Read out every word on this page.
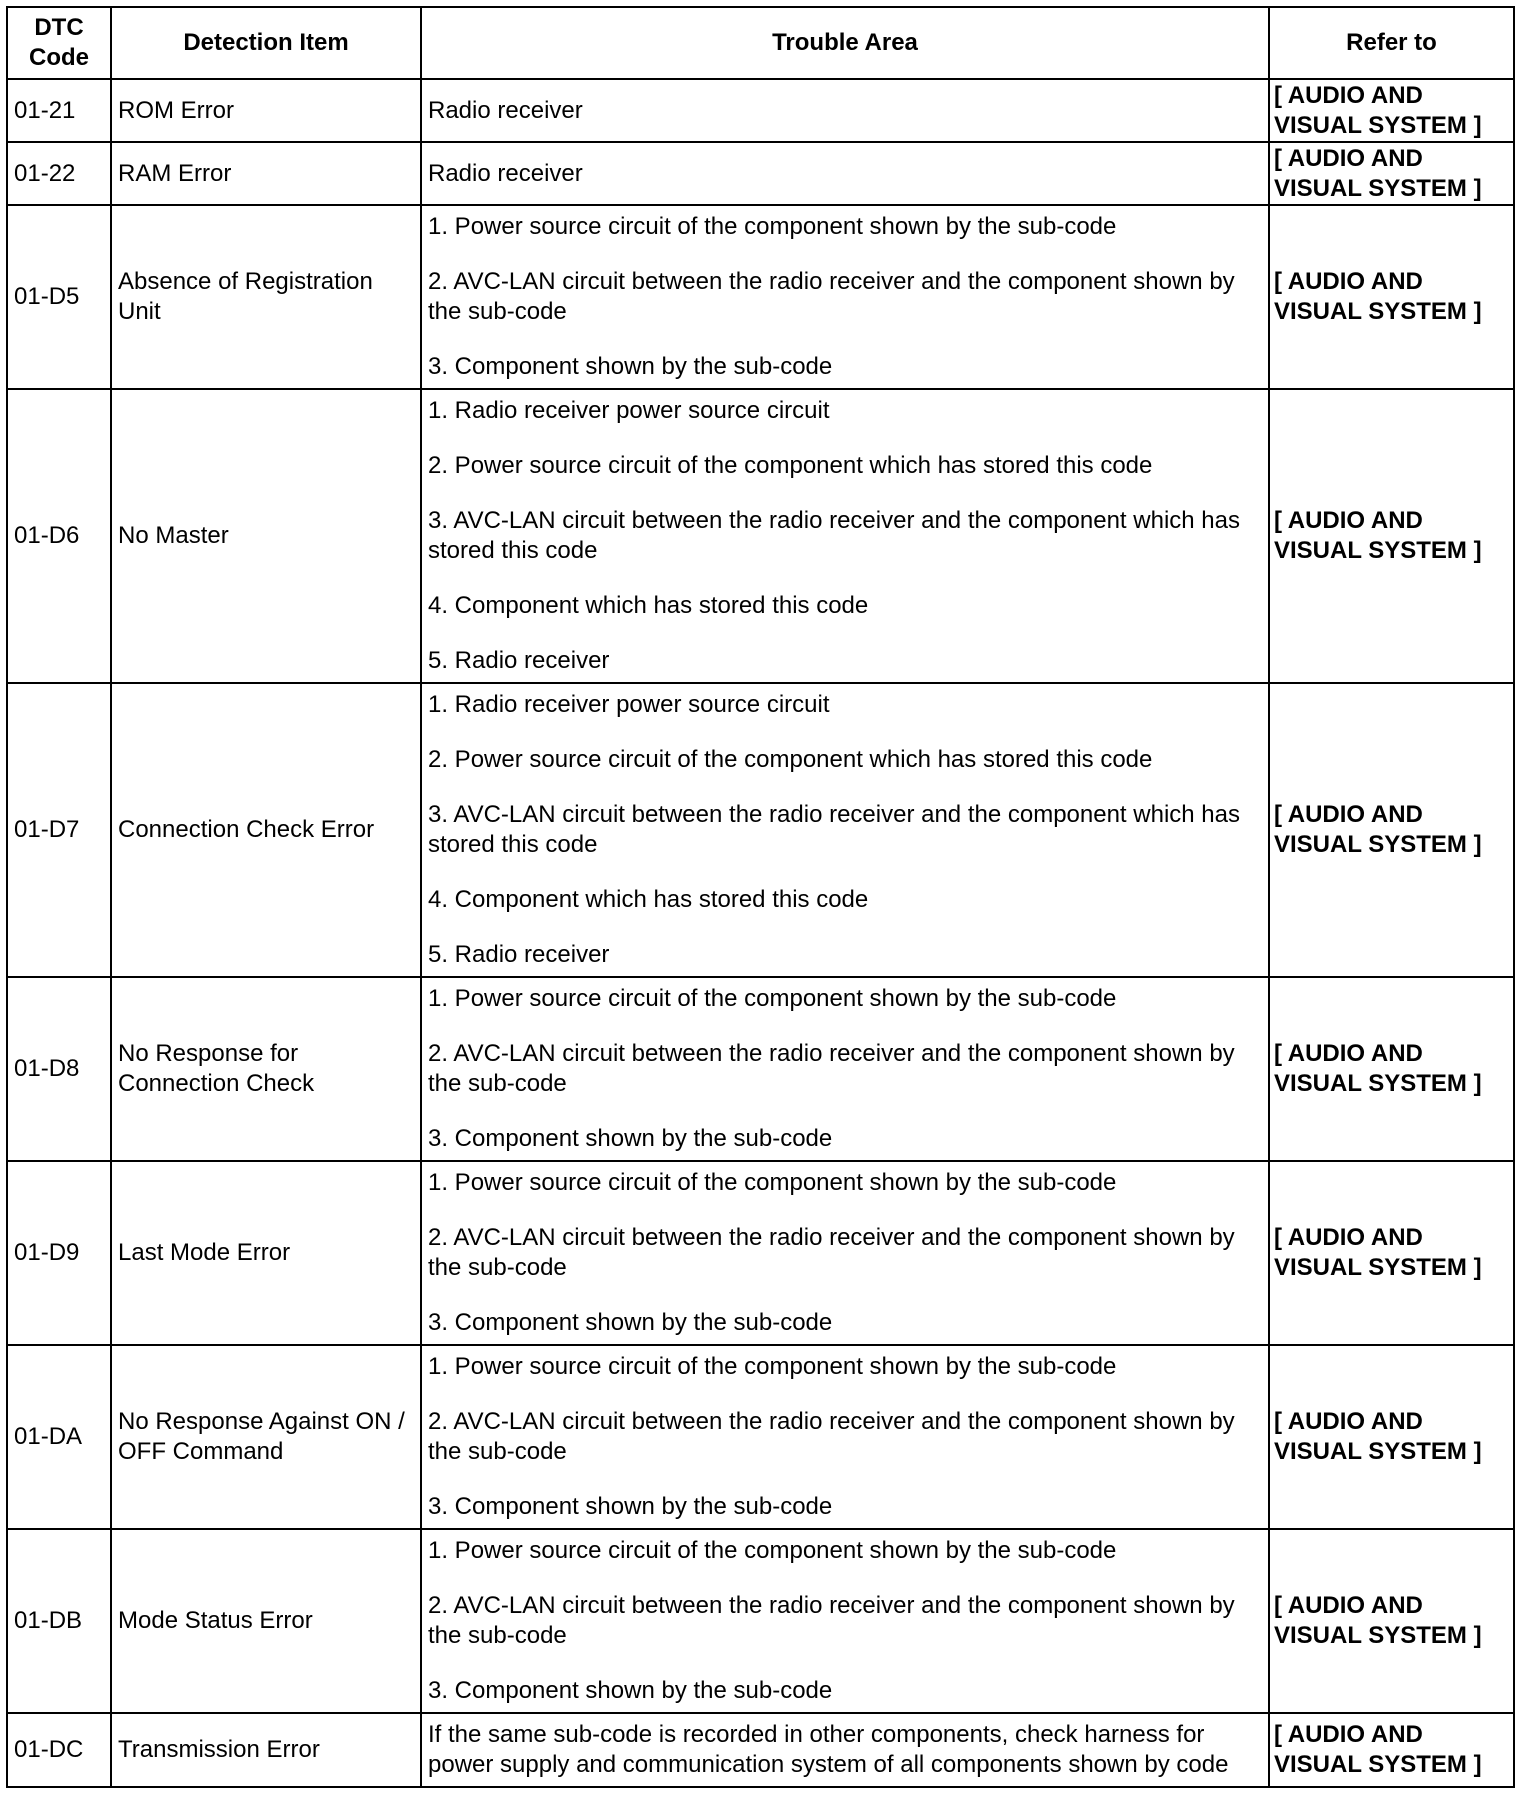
DTC Code	Detection Item	Trouble Area	Refer to
01-21	ROM Error	Radio receiver	[ AUDIO AND VISUAL SYSTEM ]
01-22	RAM Error	Radio receiver	[ AUDIO AND VISUAL SYSTEM ]
01-D5	Absence of Registration Unit	1. Power source circuit of the component shown by the sub-code
2. AVC-LAN circuit between the radio receiver and the component shown by the sub-code
3. Component shown by the sub-code	[ AUDIO AND VISUAL SYSTEM ]
01-D6	No Master	1. Radio receiver power source circuit
2. Power source circuit of the component which has stored this code
3. AVC-LAN circuit between the radio receiver and the component which has stored this code
4. Component which has stored this code
5. Radio receiver	[ AUDIO AND VISUAL SYSTEM ]
01-D7	Connection Check Error	1. Radio receiver power source circuit
2. Power source circuit of the component which has stored this code
3. AVC-LAN circuit between the radio receiver and the component which has stored this code
4. Component which has stored this code
5. Radio receiver	[ AUDIO AND VISUAL SYSTEM ]
01-D8	No Response for Connection Check	1. Power source circuit of the component shown by the sub-code
2. AVC-LAN circuit between the radio receiver and the component shown by the sub-code
3. Component shown by the sub-code	[ AUDIO AND VISUAL SYSTEM ]
01-D9	Last Mode Error	1. Power source circuit of the component shown by the sub-code
2. AVC-LAN circuit between the radio receiver and the component shown by the sub-code
3. Component shown by the sub-code	[ AUDIO AND VISUAL SYSTEM ]
01-DA	No Response Against ON / OFF Command	1. Power source circuit of the component shown by the sub-code
2. AVC-LAN circuit between the radio receiver and the component shown by the sub-code
3. Component shown by the sub-code	[ AUDIO AND VISUAL SYSTEM ]
01-DB	Mode Status Error	1. Power source circuit of the component shown by the sub-code
2. AVC-LAN circuit between the radio receiver and the component shown by the sub-code
3. Component shown by the sub-code	[ AUDIO AND VISUAL SYSTEM ]
01-DC	Transmission Error	If the same sub-code is recorded in other components, check harness for power supply and communication system of all components shown by code	[ AUDIO AND VISUAL SYSTEM ]
